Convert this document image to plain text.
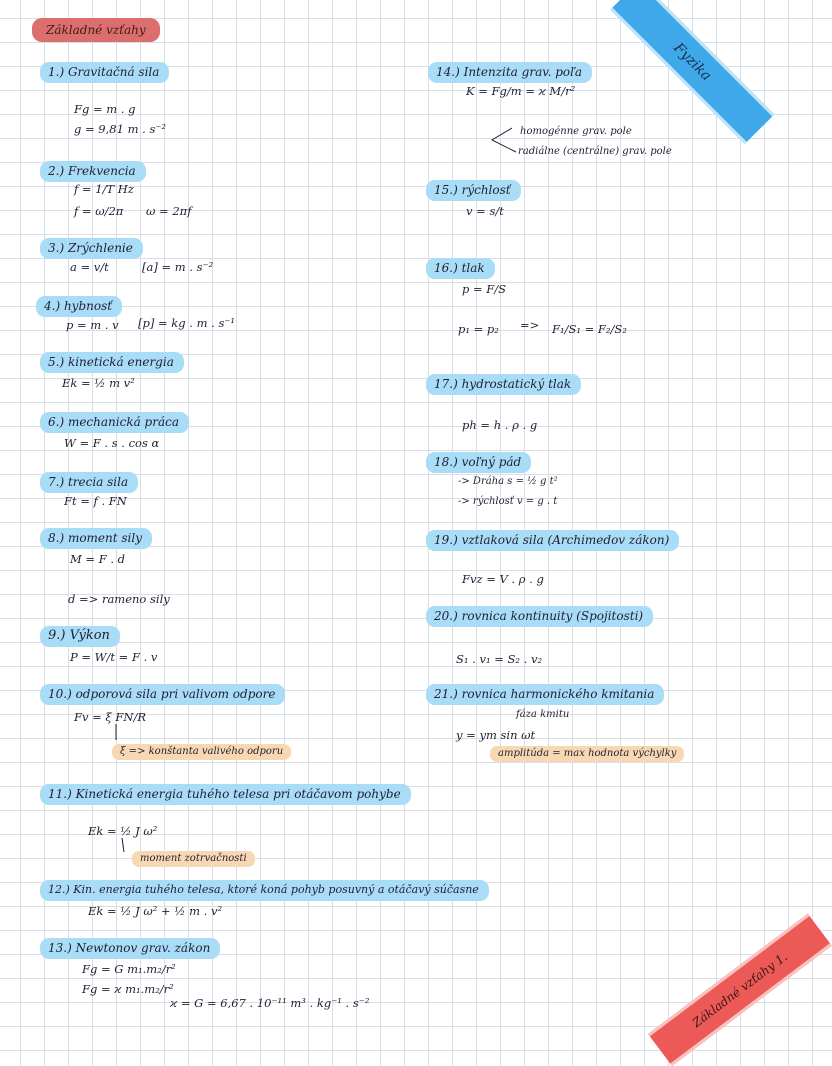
Základné vzťahy
Fyzika
Základné vzťahy 1.
1.) Gravitačná sila
Fg = m . g
g = 9,81 m . s⁻²
2.) Frekvencia
f = 1/T Hz
f = ω/2π ω = 2πf
3.) Zrýchlenie
a = v/t	[a] = m . s⁻²
4.) hybnosť
p = m . v [p] = kg . m . s⁻¹
5.) kinetická energia
Ek = ½ m v²
6.) mechanická práca
W = F . s . cos α
7.) trecia sila
Ft = f . FN
8.) moment sily
M = F . d
d => rameno sily
9.) Výkon
P = W/t = F . v
10.) odporová sila pri valivom odpore
Fv = ξ FN/R
ξ => konštanta valivého odporu
11.) Kinetická energia tuhého telesa pri otáčavom pohybe
Ek = ½ J ω²
moment zotrvačnosti
12.) Kin. energia tuhého telesa, ktoré koná pohyb posuvný a otáčavý súčasne
Ek = ½ J ω² + ½ m . v²
13.) Newtonov grav. zákon
Fg = G m₁.m₂/r²
Fg = ϰ m₁.m₂/r²
ϰ = G = 6,67 . 10⁻¹¹ m³ . kg⁻¹ . s⁻²
14.) Intenzita grav. poľa
K = Fg/m = ϰ M/r²
homogénne grav. pole
radiálne (centrálne) grav. pole
15.) rýchlosť
v = s/t
16.) tlak
p = F/S
p₁ = p₂ => F₁/S₁ = F₂/S₂
17.) hydrostatický tlak
ph = h . ρ . g
18.) voľný pád
-> Dráha s = ½ g t²
-> rýchlosť v = g . t
19.) vztlaková sila (Archimedov zákon)
Fvz = V . ρ . g
20.) rovnica kontinuity (Spojitosti)
S₁ . v₁ = S₂ . v₂
21.) rovnica harmonického kmitania
fáza kmitu
y = ym sin ωt
amplitúda = max hodnota výchylky
